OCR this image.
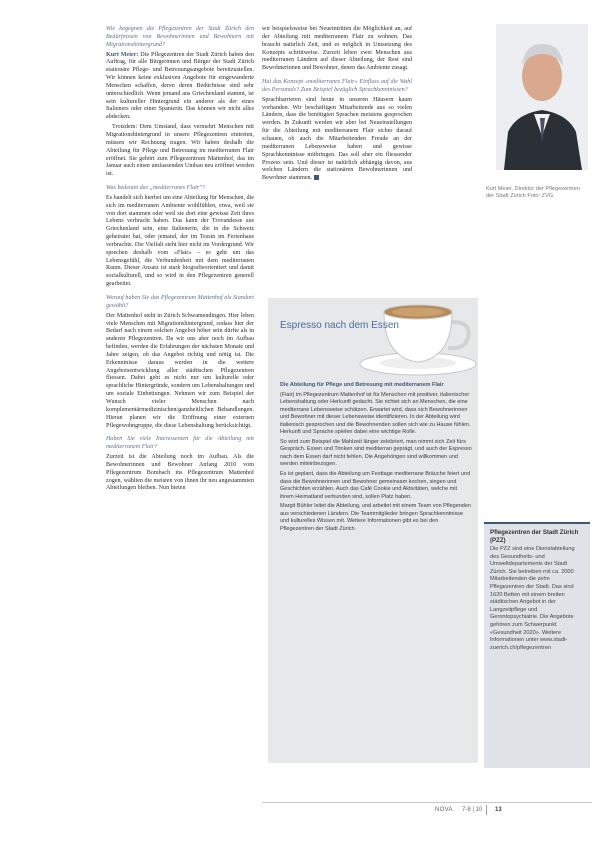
Wie begegnen die Pflegezentren der Stadt Zürich den Bedürfnissen von Bewohnerinnen und Bewohnern mit Migrationshintergrund?

Kurt Meier: Die Pflegezentren der Stadt Zürich haben den Auftrag, für alle Bürgerinnen und Bürger der Stadt Zürich stationäre Pflege- und Betreuungsangebote bereitzustellen. Wir können keine exklusiven Angebote für eingewanderte Menschen schaffen, deren deren Bedürfnisse sind sehr unterschiedlich. Wenn jemand aus Griechenland stammt, ist sein kultureller Hintergrund ein anderer als der eines Italieners oder einer Spanierin. Das können wir nicht alles abdecken.

Trotzdem: Dem Umstand, dass vermehrt Menschen mit Migrationshintergrund in unsere Pflegezentren eintreten, müssen wir Rechnung tragen. Wir haben deshalb die Abteilung für Pflege und Betreuung im mediterranen Flair eröffnet. Sie gehört zum Pflegezentrum Mattenhof, das im Januar auch einen umfassenden Umbau neu eröffnet worden ist.

Was bedeutet das „mediterranes Flair"?

Es handelt sich hierbei um eine Abteilung für Menschen, die sich im mediterranen Ambiente wohlfühlen, etwa, weil sie von dort stammen oder weil sie dort eine gewisse Zeit ihres Lebens verbracht haben. Das kann der Trovandesse aus Griechenland sein, eine Italienerin, die in die Schweiz geheiratet hat, oder jemand, der im Tessin im Ferienhaus verbrachte. Die Vielfalt steht hier nicht im Vordergrund. Wir sprechen deshalb vom «Flair» – es geht um das Lebensgefühl, die Verbundenheit mit dem mediterranen Raum. Dieser Ansatz ist stark biografieorientiert und damit sozialkulturell, und so wird in den Pflegezentren generell gearbeitet.

Worauf haben Sie das Pflegezentrum Mattenhof als Standort gewählt?

Der Mattenhof steht in Zürich Schwamendingen. Hier leben viele Menschen mit Migrationshintergrund, sodass hier der Bedarf nach einem solchen Angebot höher sein dürfte als in anderen Pflegezentren. Da wir uns aber noch im Aufbau befinden, werden die Erfahrungen der nächsten Monate und Jahre zeigen, ob das Angebot richtig und nötig ist. Die Erkenntnisse daraus werden in die weitere Angebotsentwicklung aller städtischen Pflegezentren fliessen. Dabei geht es nicht nur um kulturelle oder sprachliche Hintergründe, sondern um Lebenshaltungen und um soziale Einbettungen. Nehmen wir zum Beispiel der Wunsch vieler Menschen nach komplementärmedizinischen/ganzheitlichen Behandlungen. Hieran planen wir die Eröffnung einer externen Pflegewohngruppe, die diese Lebenshaltung berücksichtigt.

Haben Sie viele Interessenten für die Abteilung mit mediterranem Flair?

Zurzeit ist die Abteilung noch im Aufbau. Als die Bewohnerinnen und Bewohner Anfang 2010 vom Pflegezentrum Bombach ins Pflegezentrum Mattenhof zogen, wählten die meisten von ihnen ihr neu angestammten Abteilungen bleiben. Nun bieten

wir beispielsweise bei Neueintritten die Möglichkeit an, auf der Abteilung mit mediterranem Flair zu wohnen. Das braucht natürlich Zeit, und es möglich in Umsetzung des Konzepts schrittweise. Zurzeit leben zwei Menschen aus mediterranen Ländern auf dieser Abteilung, der Rest sind Bewohnerinnen und Bewohner, denen das Ambiente zusagt.

Hat das Konzept «mediterranes Flair» Einfluss auf die Wahl des Personals? Zum Beispiel bezüglich Sprachkenntnissen?

Sprachbarrieren sind heute in unseren Häusern kaum vorhanden. Wir beschäftigen Mitarbeitende aus so vielen Ländern, dass die benötigten Sprachen meistens gesprochen werden. In Zukunft werden wir aber bei Neueinstellungen für die Abteilung mit mediterranem Flair sicher darauf schauen, ob auch die Mitarbeitenden Freude an der mediterranen Lebensweise haben und gewisse Sprachkenntnisse mitbringen. Das soll aber ein fliessender Prozess sein. Und dieser ist natürlich abhängig davon, aus welchen Ländern die stationären Bewohnerinnen und Bewohner stammen.

Kurt Meier, Direktor der Pflegezentren der Stadt Zürich Foto: ZVG
Espresso nach dem Essen

Die Abteilung für Pflege und Betreuung mit mediterranem Flair

(Flair) im Pflegezentrum Mattenhof ist für Menschen mit positiver, italienischer Lebenshaltung oder Herkunft gedacht. Sie richtet sich an Menschen, die eine mediterrane Lebensweise schätzen. Erwartet wird, dass sich Bewohnerinnen und Bewohner mit dieser Lebensweise identifizieren. In der Abteilung wird italienisch gesprochen und die Bewohnenden sollen sich wie zu Hause fühlen. Herkunft und Sprache spielen dabei eine wichtige Rolle.

So wird zum Beispiel die Mahlzeit länger zelebriert, man nimmt sich Zeit fürs Gespräch. Essen und Trinken sind mediterran geprägt, und auch der Espresso nach dem Essen darf nicht fehlen. Die Angehörigen sind willkommen und werden miteinbezogen.

Es ist geplant, dass die Abteilung um Festtage mediterrane Bräuche feiert und dass die Bewohnerinnen und Bewohner gemeinsam kochen, singen und Geschichten erzählen. Auch das Café Cookie und Aktivitäten, welche mit ihrem Heimatland verbunden sind, sollen Platz haben.

Margit Bühler leitet die Abteilung, und arbeitet mit einem Team von Pflegenden aus verschiedenen Ländern. Die Teammitglieder bringen Sprachkenntnisse und kulturelles Wissen mit. Weitere Informationen gibt es bei den Pflegezentren der Stadt Zürich.

Pflegezentren der Stadt Zürich (PZZ)
Die PZZ sind eine Dienstabteilung des Gesundheits- und Umweltdepartements der Stadt Zürich. Sie betreiben mit ca. 2000 Mitarbeitenden die zehn Pflegezentren der Stadt. Das sind 1620 Betten mit einem breiten städtischen Angebot in der Langzeitpflege und Gerontopsychiatrie. Die Angebote gehören zum Schwerpunkt «Gesundheit 2020». Weitere Informationen unter www.stadt-zuerich.ch/pflegezentren
NOVA 7-8 | 10 13
